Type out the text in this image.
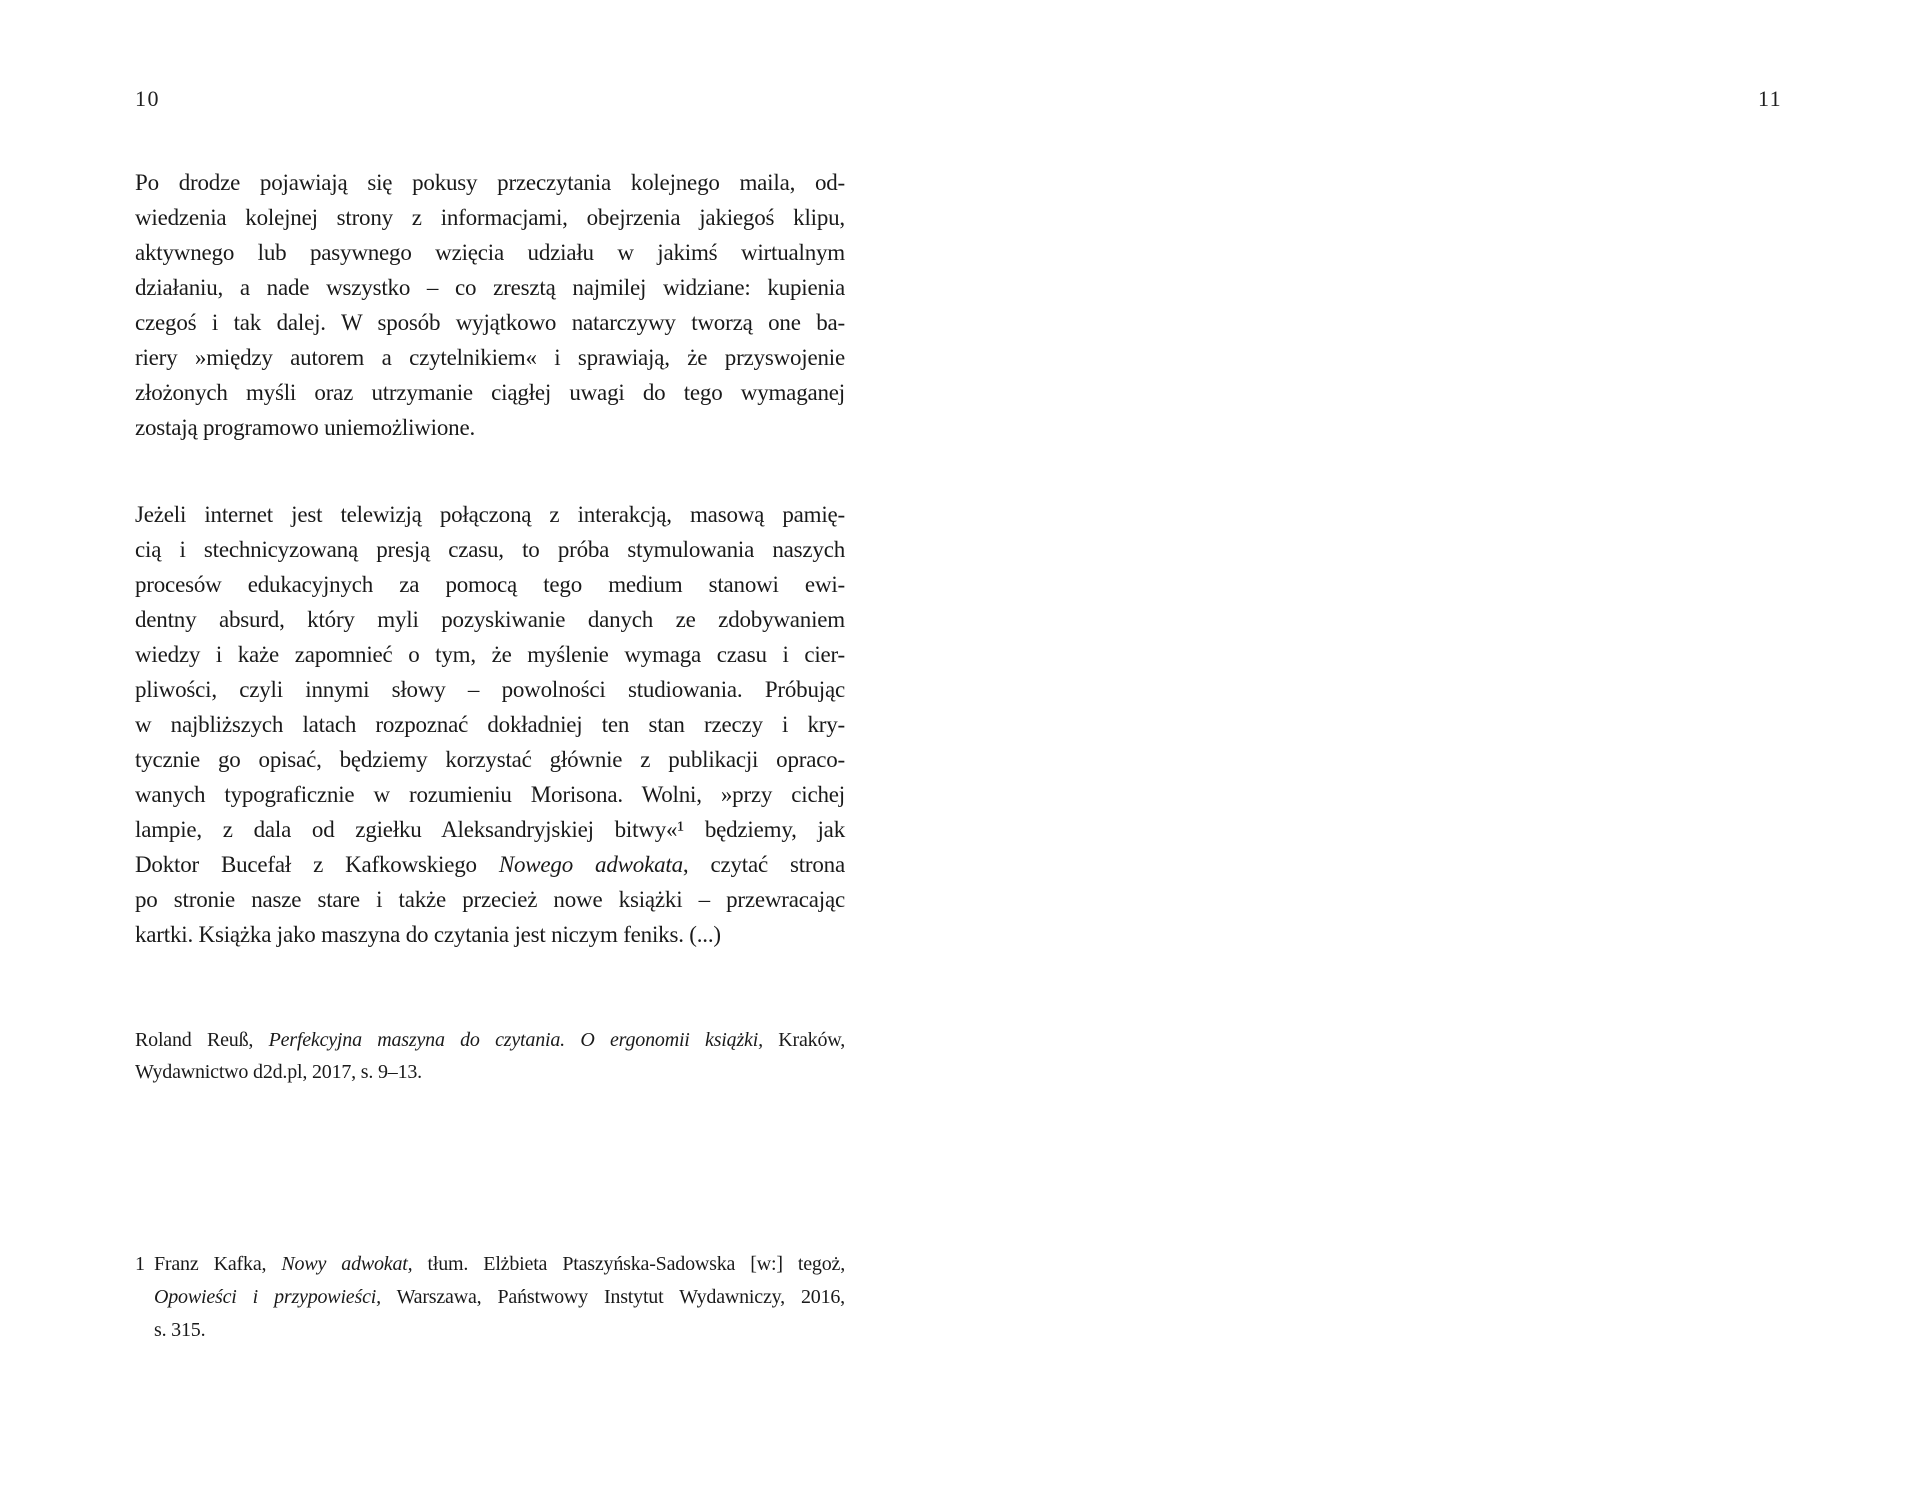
10	11
Po drodze pojawiają się pokusy przeczytania kolejnego maila, od-
wiedzenia kolejnej strony z informacjami, obejrzenia jakiegoś klipu,
aktywnego lub pasywnego wzięcia udziału w jakimś wirtualnym
działaniu, a nade wszystko – co zresztą najmilej widziane: kupienia
czegoś i tak dalej. W sposób wyjątkowo natarczywy tworzą one ba-
riery »między autorem a czytelnikiem« i sprawiają, że przyswojenie
złożonych myśli oraz utrzymanie ciągłej uwagi do tego wymaganej
zostają programowo uniemożliwione.
Jeżeli internet jest telewizją połączoną z interakcją, masową pamię-
cią i stechnicyzowaną presją czasu, to próba stymulowania naszych
procesów edukacyjnych za pomocą tego medium stanowi ewi-
dentny absurd, który myli pozyskiwanie danych ze zdobywaniem
wiedzy i każe zapomnieć o tym, że myślenie wymaga czasu i cier-
pliwości, czyli innymi słowy – powolności studiowania. Próbując
w najbliższych latach rozpoznać dokładniej ten stan rzeczy i kry-
tycznie go opisać, będziemy korzystać głównie z publikacji opraco-
wanych typograficznie w rozumieniu Morisona. Wolni, »przy cichej
lampie, z dala od zgiełku Aleksandryjskiej bitwy«¹ będziemy, jak
Doktor Bucefał z Kafkowskiego Nowego adwokata, czytać strona
po stronie nasze stare i także przecież nowe książki – przewracając
kartki. Książka jako maszyna do czytania jest niczym feniks. (...)
Roland Reuß, Perfekcyjna maszyna do czytania. O ergonomii książki, Kraków,
Wydawnictwo d2d.pl, 2017, s. 9–13.
1 Franz Kafka, Nowy adwokat, tłum. Elżbieta Ptaszyńska-Sadowska [w:] tegoż,
Opowieści i przypowieści, Warszawa, Państwowy Instytut Wydawniczy, 2016,
s. 315.
